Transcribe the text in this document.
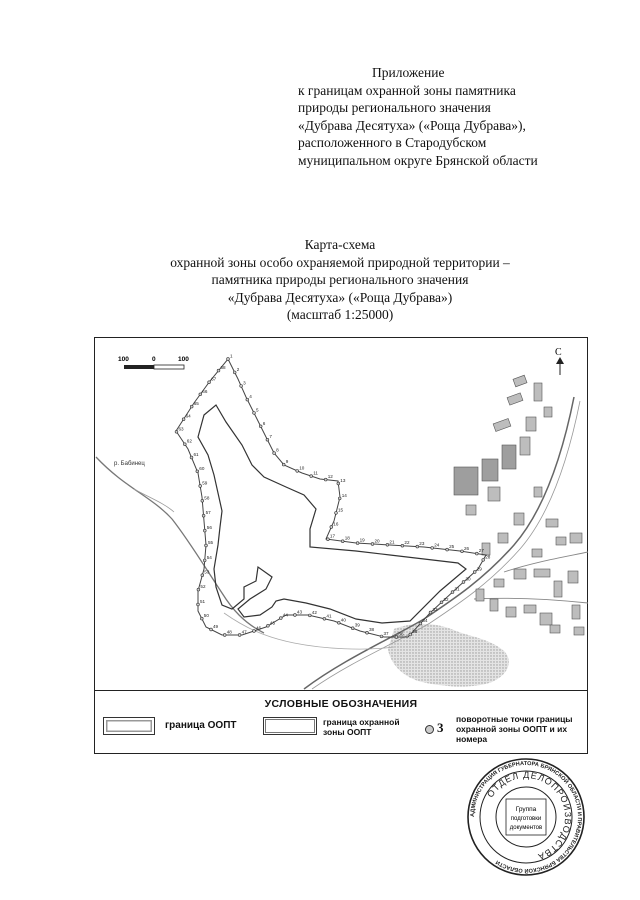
Приложение
к границам охранной зоны памятника
природы регионального значения
«Дубрава Десятуха» («Роща Дубрава»),
расположенного в Стародубском
муниципальном округе Брянской области
Карта-схема
охранной зоны особо охраняемой природной территории –
памятника природы регионального значения
«Дубрава Десятуха» («Роща Дубрава»)
(масштаб 1:25000)
р. Бабинец
1
2
3
4
5
6
7
8
9
10
11
12
13
14
15
16
17 18 19 20 21 22 23 24 25 26 27
28
29
30
31
32
33
34
35
36
37
38
39
40
41
42
43
44
45
46
47
48
49
50
51
52
53
54
55
56
57
58
59
60
61
62
63
64
65
66
67
68
100	0	100
С
УСЛОВНЫЕ ОБОЗНАЧЕНИЯ
граница ООПТ	граница охранной зоны ООПТ	3
поворотные точки границы охранной зоны ООПТ и их номера
АДМИНИСТРАЦИЯ ГУБЕРНАТОРА БРЯНСКОЙ ОБЛАСТИ И ПРАВИТЕЛЬСТВА БРЯНСКОЙ ОБЛАСТИ
ОТДЕЛ ДЕЛОПРОИЗВОДСТВА
Группа
подготовки
документов
